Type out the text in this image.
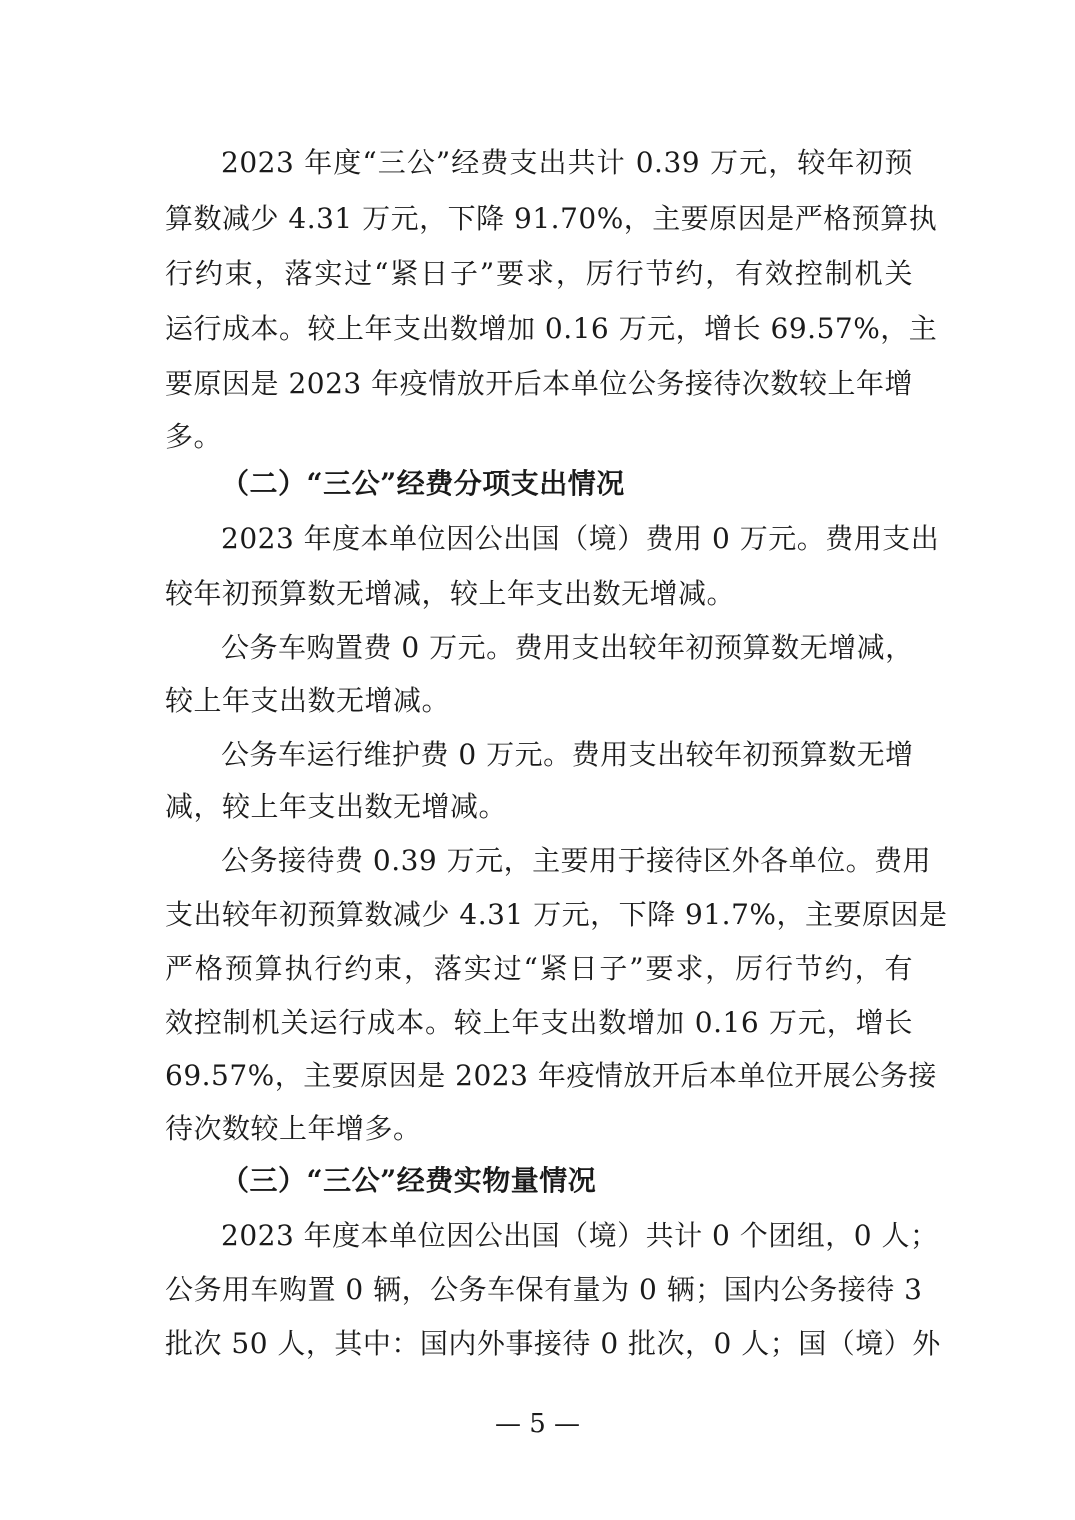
2023 年度“三公”经费支出共计 0.39 万元，较年初预
算数减少 4.31 万元，下降 91.70%，主要原因是严格预算执
行约束，落实过“紧日子”要求，厉行节约，有效控制机关
运行成本。较上年支出数增加 0.16 万元，增长 69.57%，主
要原因是 2023 年疫情放开后本单位公务接待次数较上年增
多。
（二）“三公”经费分项支出情况
2023 年度本单位因公出国（境）费用 0 万元。费用支出
较年初预算数无增减，较上年支出数无增减。
公务车购置费 0 万元。费用支出较年初预算数无增减，
较上年支出数无增减。
公务车运行维护费 0 万元。费用支出较年初预算数无增
减，较上年支出数无增减。
公务接待费 0.39 万元，主要用于接待区外各单位。费用
支出较年初预算数减少 4.31 万元，下降 91.7%，主要原因是
严格预算执行约束，落实过“紧日子”要求，厉行节约，有
效控制机关运行成本。较上年支出数增加 0.16 万元，增长
69.57%，主要原因是 2023 年疫情放开后本单位开展公务接
待次数较上年增多。
（三）“三公”经费实物量情况
2023 年度本单位因公出国（境）共计 0 个团组，0 人；
公务用车购置 0 辆，公务车保有量为 0 辆；国内公务接待 3
批次 50 人，其中：国内外事接待 0 批次，0 人；国（境）外
— 5 —
